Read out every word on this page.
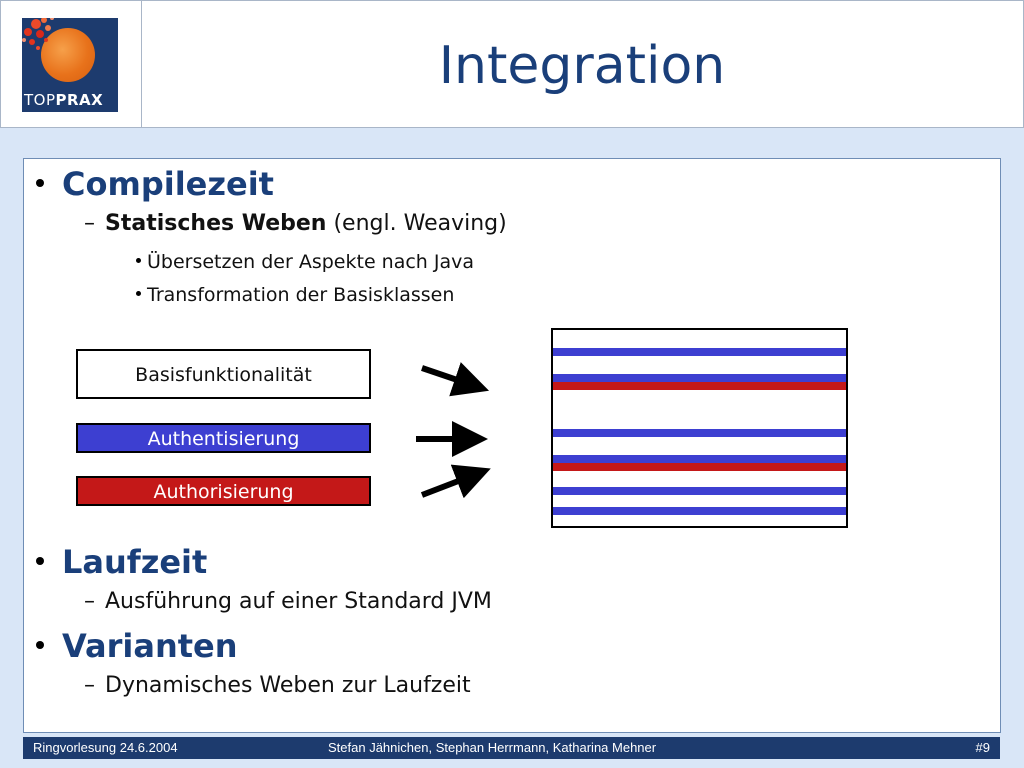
TOPPRAX
Integration
Compilezeit
– Statisches Weben (engl. Weaving)
Übersetzen der Aspekte nach Java
Transformation der Basisklassen
Basisfunktionalität
Authentisierung
Authorisierung
Laufzeit
– Ausführung auf einer Standard JVM
Varianten
– Dynamisches Weben zur Laufzeit
Ringvorlesung 24.6.2004	Stefan Jähnichen, Stephan Herrmann, Katharina Mehner	#9
